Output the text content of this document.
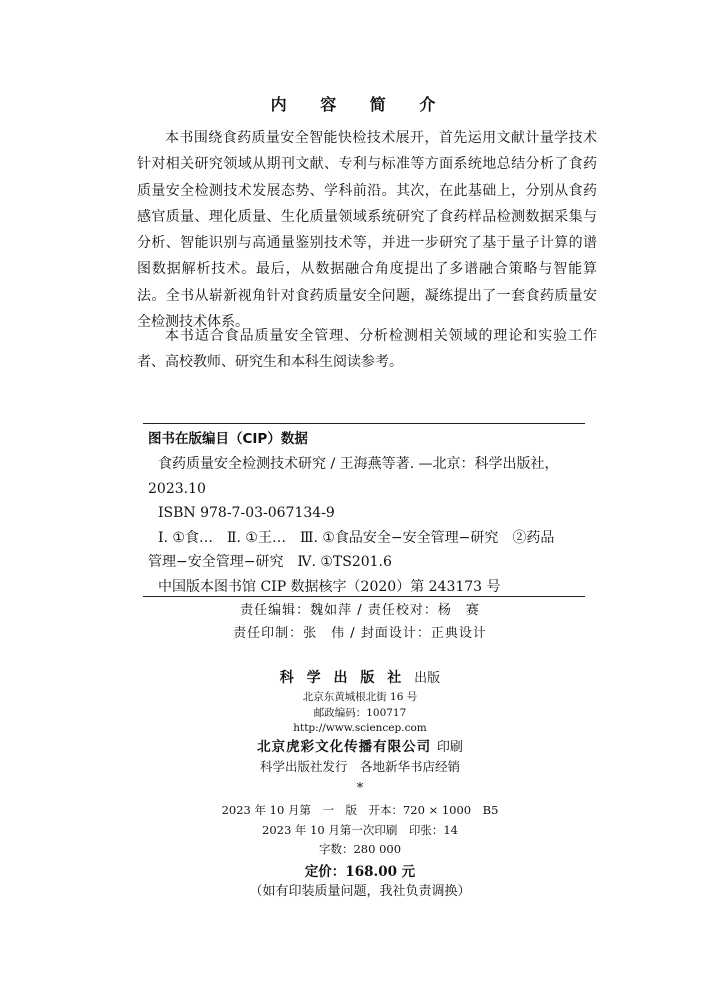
内 容 简 介

本书围绕食药质量安全智能快检技术展开，首先运用文献计量学技术针对相关研究领域从期刊文献、专利与标准等方面系统地总结分析了食药质量安全检测技术发展态势、学科前沿。其次，在此基础上，分别从食药感官质量、理化质量、生化质量领域系统研究了食药样品检测数据采集与分析、智能识别与高通量鉴别技术等，并进一步研究了基于量子计算的谱图数据解析技术。最后，从数据融合角度提出了多谱融合策略与智能算法。全书从崭新视角针对食药质量安全问题，凝练提出了一套食药质量安全检测技术体系。

本书适合食品质量安全管理、分析检测相关领域的理论和实验工作者、高校教师、研究生和本科生阅读参考。

图书在版编目（CIP）数据
食药质量安全检测技术研究 / 王海燕等著. —北京：科学出版社，
2023.10
ISBN 978-7-03-067134-9
Ⅰ. ①食…　Ⅱ. ①王…　Ⅲ. ①食品安全−安全管理−研究　②药品
管理−安全管理−研究　Ⅳ. ①TS201.6
中国版本图书馆 CIP 数据核字（2020）第 243173 号
责任编辑：魏如萍 / 责任校对：杨　赛
责任印制：张　伟 / 封面设计：正典设计
科 学 出 版 社 出版
北京东黄城根北街 16 号
邮政编码：100717
http://www.sciencep.com
北京虎彩文化传播有限公司 印刷
科学出版社发行　各地新华书店经销
*
2023 年 10 月第　一　版　开本：720 × 1000　B5
2023 年 10 月第一次印刷　印张：14
字数：280 000
定价：168.00 元
（如有印装质量问题，我社负责调换）
